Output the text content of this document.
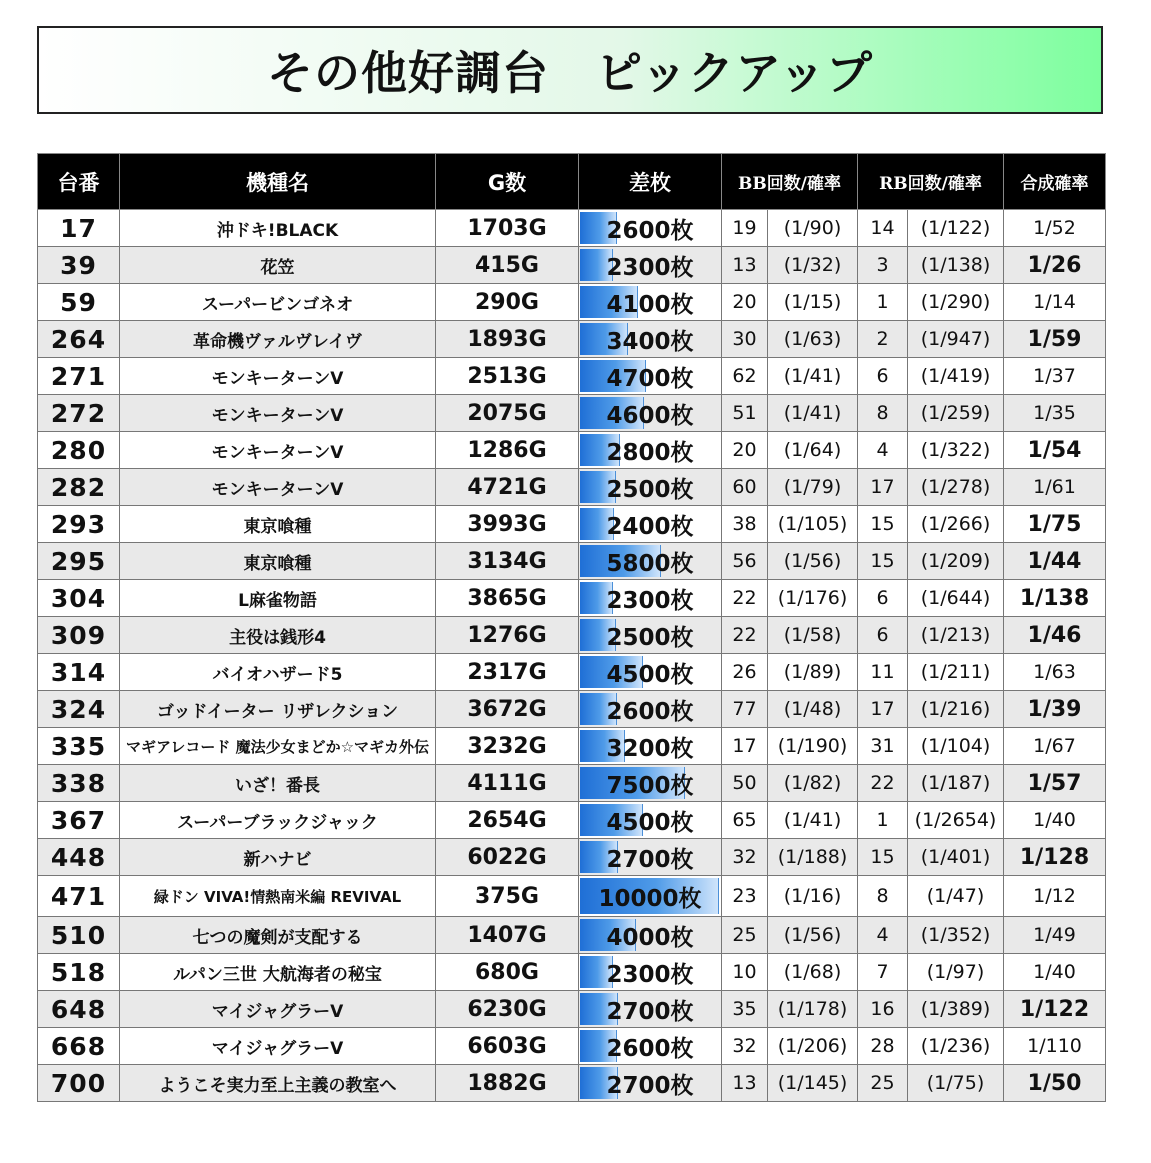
その他好調台　ピックアップ
台番	機種名	G数	差枚	BB回数/確率		RB回数/確率		合成確率
17	沖ドキ!BLACK	1703G	2600枚	19	(1/90)	14	(1/122)	1/52
39	花笠	415G	2300枚	13	(1/32)	3	(1/138)	1/26
59	スーパービンゴネオ	290G	4100枚	20	(1/15)	1	(1/290)	1/14
264	革命機ヴァルヴレイヴ	1893G	3400枚	30	(1/63)	2	(1/947)	1/59
271	モンキーターンV	2513G	4700枚	62	(1/41)	6	(1/419)	1/37
272	モンキーターンV	2075G	4600枚	51	(1/41)	8	(1/259)	1/35
280	モンキーターンV	1286G	2800枚	20	(1/64)	4	(1/322)	1/54
282	モンキーターンV	4721G	2500枚	60	(1/79)	17	(1/278)	1/61
293	東京喰種	3993G	2400枚	38	(1/105)	15	(1/266)	1/75
295	東京喰種	3134G	5800枚	56	(1/56)	15	(1/209)	1/44
304	L麻雀物語	3865G	2300枚	22	(1/176)	6	(1/644)	1/138
309	主役は銭形4	1276G	2500枚	22	(1/58)	6	(1/213)	1/46
314	バイオハザード5	2317G	4500枚	26	(1/89)	11	(1/211)	1/63
324	ゴッドイーター リザレクション	3672G	2600枚	77	(1/48)	17	(1/216)	1/39
335	マギアレコード 魔法少女まどか☆マギカ外伝	3232G	3200枚	17	(1/190)	31	(1/104)	1/67
338	いざ！番長	4111G	7500枚	50	(1/82)	22	(1/187)	1/57
367	スーパーブラックジャック	2654G	4500枚	65	(1/41)	1	(1/2654)	1/40
448	新ハナビ	6022G	2700枚	32	(1/188)	15	(1/401)	1/128
471	緑ドン VIVA!情熱南米編 REVIVAL	375G	10000枚	23	(1/16)	8	(1/47)	1/12
510	七つの魔剣が支配する	1407G	4000枚	25	(1/56)	4	(1/352)	1/49
518	ルパン三世 大航海者の秘宝	680G	2300枚	10	(1/68)	7	(1/97)	1/40
648	マイジャグラーV	6230G	2700枚	35	(1/178)	16	(1/389)	1/122
668	マイジャグラーV	6603G	2600枚	32	(1/206)	28	(1/236)	1/110
700	ようこそ実力至上主義の教室へ	1882G	2700枚	13	(1/145)	25	(1/75)	1/50
